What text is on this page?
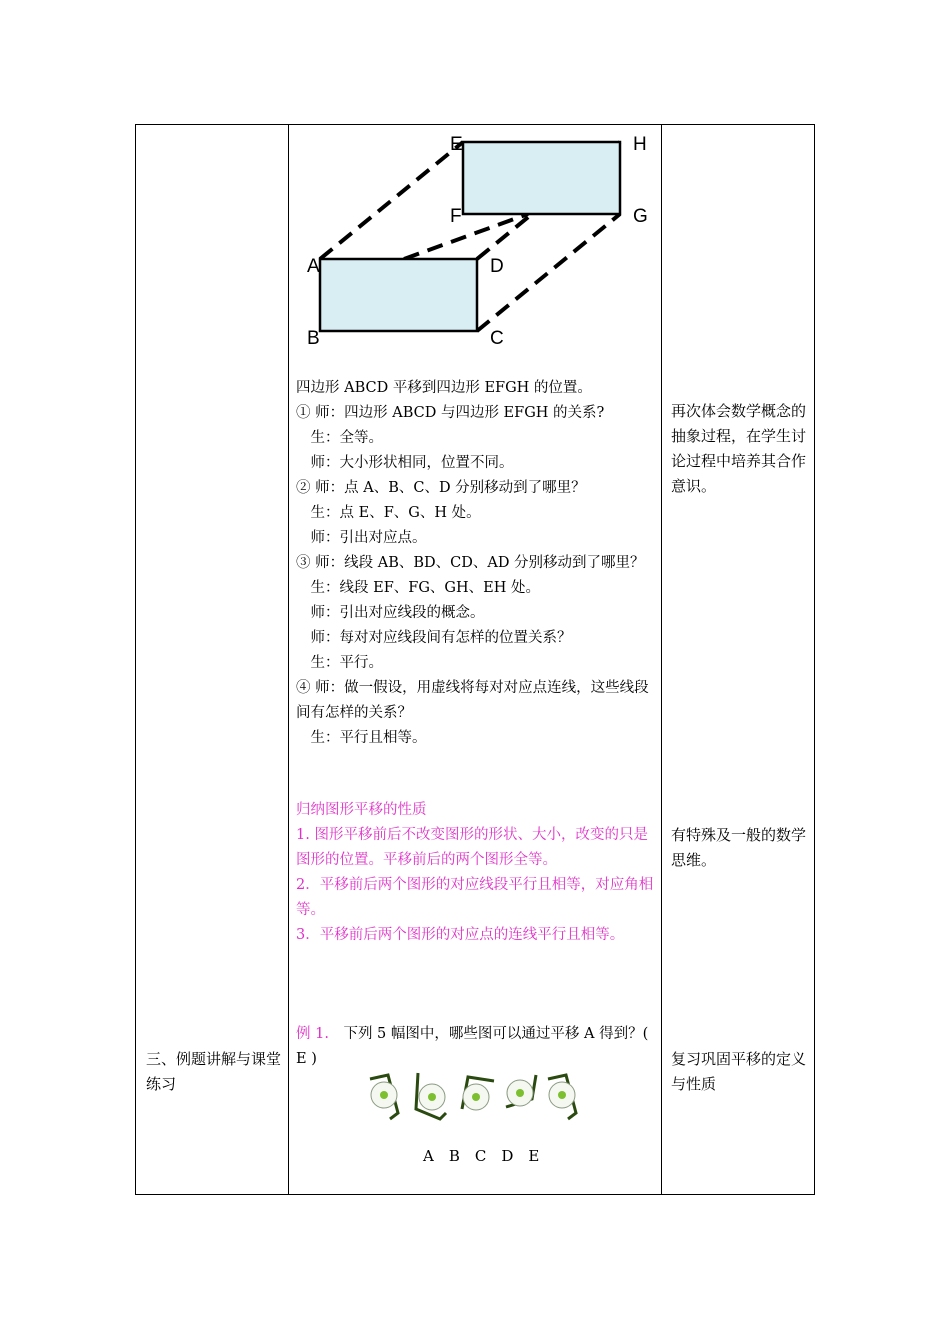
E	H
F	G
A	D
B	C

四边形 ABCD 平移到四边形 EFGH 的位置。

① 师：四边形 ABCD 与四边形 EFGH 的关系?

　生：全等。

　师：大小形状相同，位置不同。

② 师：点 A、B、C、D 分别移动到了哪里？

　生：点 E、F、G、H 处。

　师：引出对应点。

③ 师：线段 AB、BD、CD、AD 分别移动到了哪里？

　生：线段 EF、FG、GH、EH 处。

　师：引出对应线段的概念。

　师：每对对应线段间有怎样的位置关系？

　生：平行。

④ 师：做一假设，用虚线将每对对应点连线，这些线段间有怎样的关系？

　生：平行且相等。

归纳图形平移的性质

1. 图形平移前后不改变图形的形状、大小，改变的只是图形的位置。平移前后的两个图形全等。

2．平移前后两个图形的对应线段平行且相等，对应角相等。

3．平移前后两个图形的对应点的连线平行且相等。

例 1.　下列 5 幅图中，哪些图可以通过平移 A 得到？( E )

A　B　C　D　E
三、例题讲解与课堂练习
再次体会数学概念的抽象过程，在学生讨论过程中培养其合作意识。
有特殊及一般的数学思维。
复习巩固平移的定义与性质
